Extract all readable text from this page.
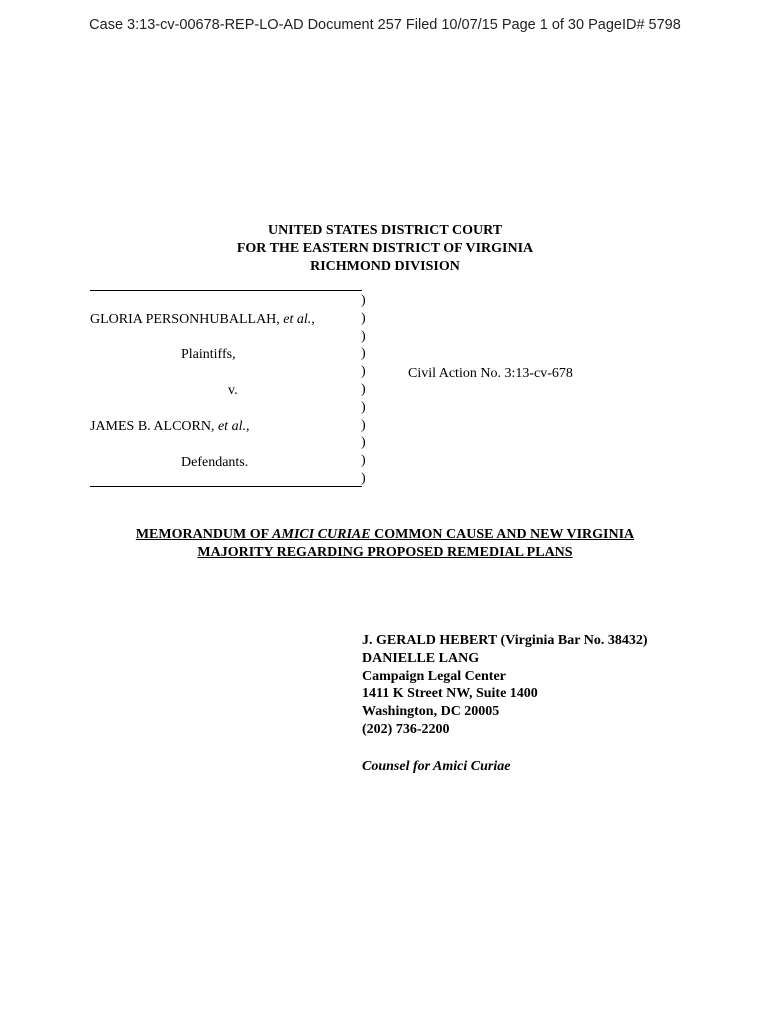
Case 3:13-cv-00678-REP-LO-AD Document 257 Filed 10/07/15 Page 1 of 30 PageID# 5798
UNITED STATES DISTRICT COURT
FOR THE EASTERN DISTRICT OF VIRGINIA
RICHMOND DIVISION
)
)
)
)
)
)
)
)
)
)
)
GLORIA PERSONHUBALLAH, et al.,
Plaintiffs,
v.
JAMES B. ALCORN, et al.,
Defendants.
Civil Action No. 3:13-cv-678
MEMORANDUM OF AMICI CURIAE COMMON CAUSE AND NEW VIRGINIA
MAJORITY REGARDING PROPOSED REMEDIAL PLANS
J. GERALD HEBERT (Virginia Bar No. 38432)
DANIELLE LANG
Campaign Legal Center
1411 K Street NW, Suite 1400
Washington, DC 20005
(202) 736-2200
Counsel for Amici Curiae
